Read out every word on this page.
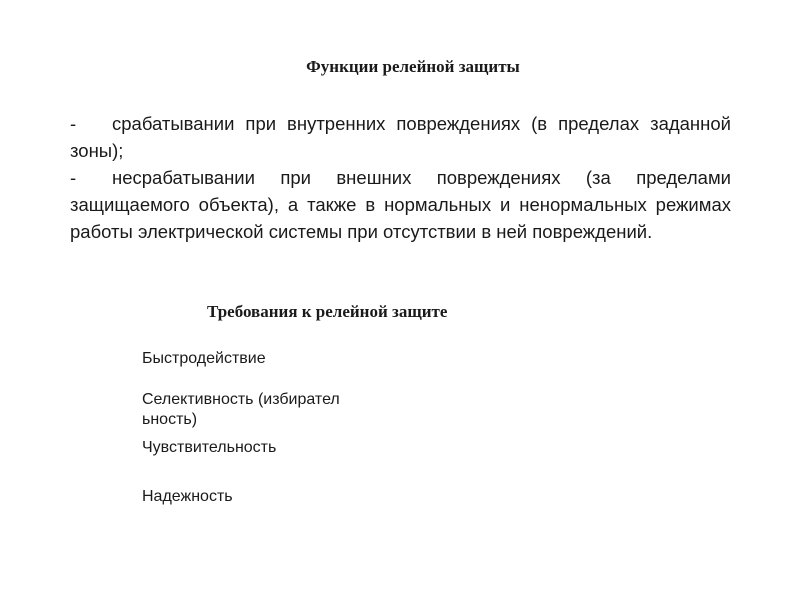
Функции релейной защиты

- срабатывании при внутренних повреждениях (в пределах заданной зоны);

- несрабатывании при внешних повреждениях (за пределами защищаемого объекта), а также в нормальных и ненормальных режимах работы электрической системы при отсутствии в ней повреждений.

Требования к релейной защите
Быстродействие
Селективность (избирательность)
Чувствительность
Надежность
